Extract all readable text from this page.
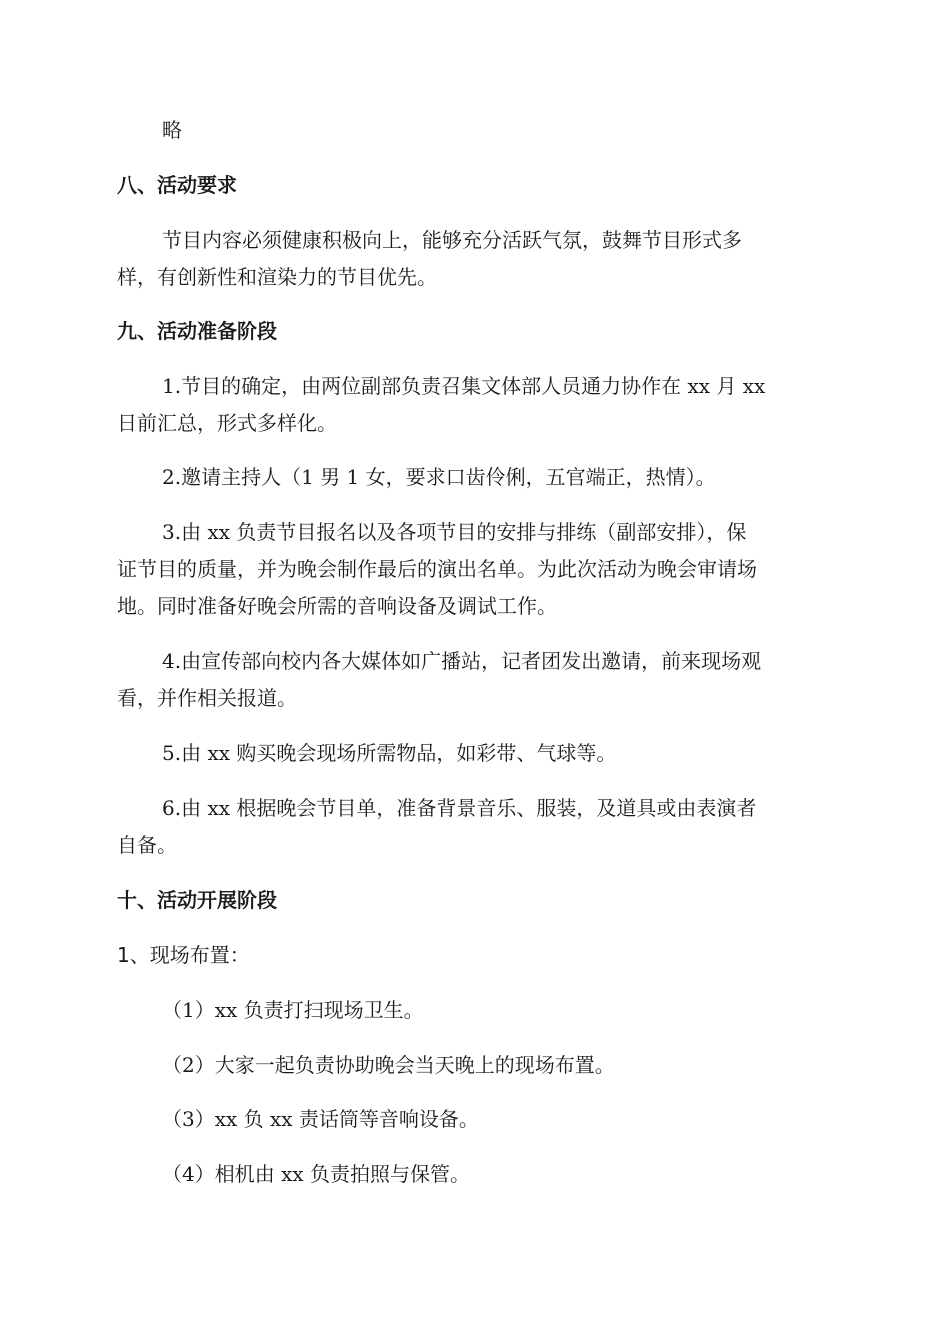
略
八、活动要求
节目内容必须健康积极向上，能够充分活跃气氛，鼓舞节目形式多
样，有创新性和渲染力的节目优先。
九、活动准备阶段
1.节目的确定，由两位副部负责召集文体部人员通力协作在 xx 月 xx
日前汇总，形式多样化。
2.邀请主持人（1 男 1 女，要求口齿伶俐，五官端正，热情）。
3.由 xx 负责节目报名以及各项节目的安排与排练（副部安排），保
证节目的质量，并为晚会制作最后的演出名单。为此次活动为晚会审请场
地。同时准备好晚会所需的音响设备及调试工作。
4.由宣传部向校内各大媒体如广播站，记者团发出邀请，前来现场观
看，并作相关报道。
5.由 xx 购买晚会现场所需物品，如彩带、气球等。
6.由 xx 根据晚会节目单，准备背景音乐、服装，及道具或由表演者
自备。
十、活动开展阶段
1、现场布置：
（1）xx 负责打扫现场卫生。
（2）大家一起负责协助晚会当天晚上的现场布置。
（3）xx 负 xx 责话筒等音响设备。
（4）相机由 xx 负责拍照与保管。
